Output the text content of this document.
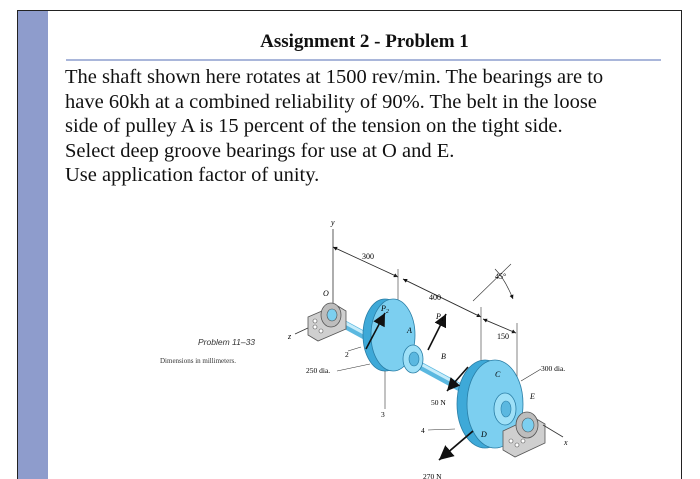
Assignment 2 - Problem 1
The shaft shown here rotates at 1500 rev/min. The bearings are to
have 60kh at a combined reliability of 90%. The belt in the loose
side of pulley A is 15 percent of the tension on the tight side.
Select deep groove bearings for use at O and E.
Use application factor of unity.
Problem 11–33
Dimensions in millimeters.
y
z
300
400
150
45°
O
A
B
$P_2$	$P_1$
250 dia.
2
3
C
D
300 dia.
E
x
50 N
270 N
4
